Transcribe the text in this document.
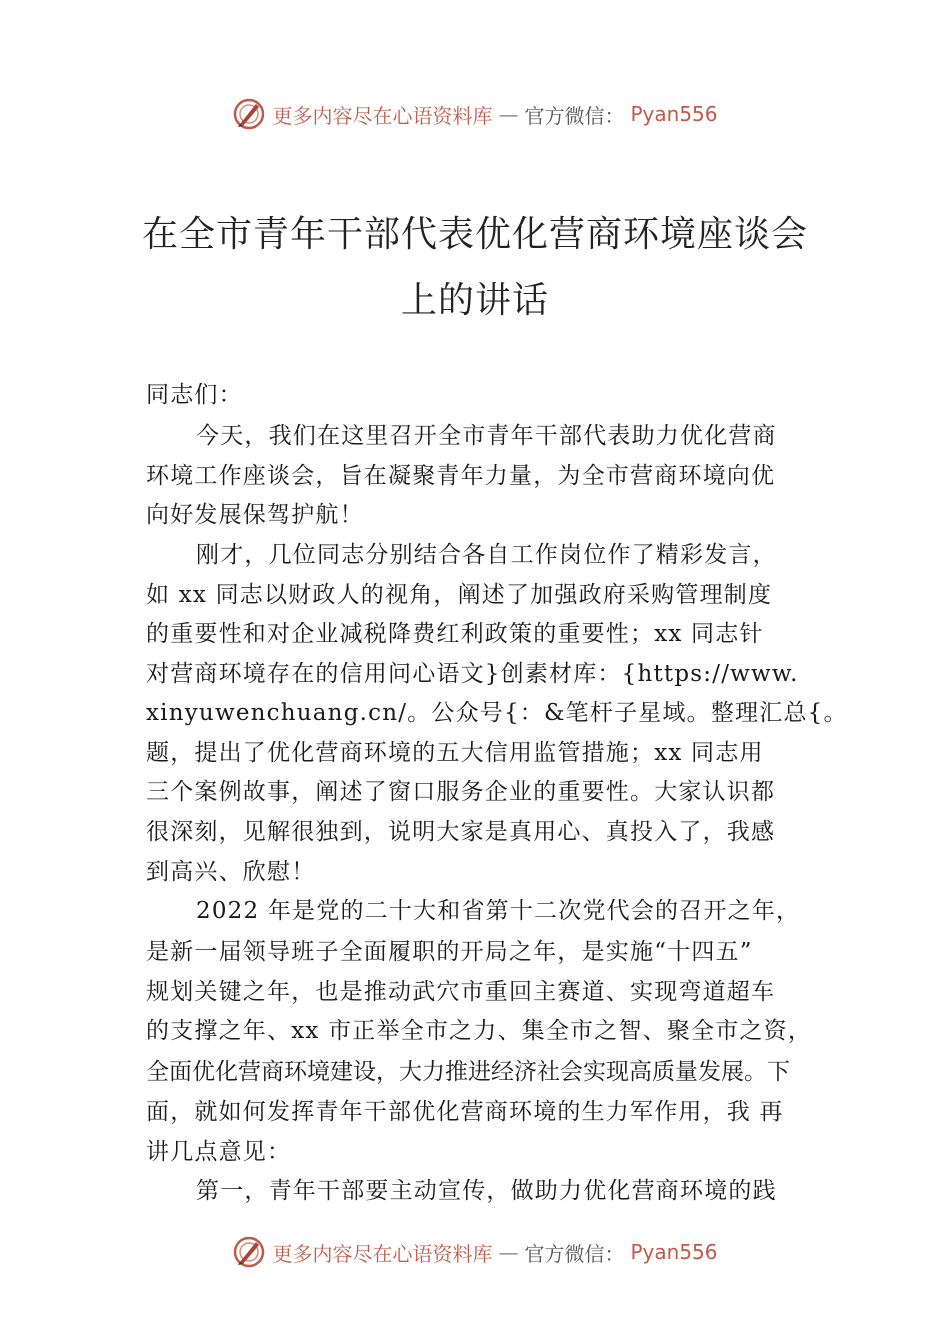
更多内容尽在心语资料库 — 官方微信： Pyan556
在全市青年干部代表优化营商环境座谈会
上的讲话
同志们：
今天，我们在这里召开全市青年干部代表助力优化营商
环境工作座谈会，旨在凝聚青年力量，为全市营商环境向优
向好发展保驾护航！
刚才，几位同志分别结合各自工作岗位作了精彩发言，
如 xx 同志以财政人的视角，阐述了加强政府采购管理制度
的重要性和对企业减税降费红利政策的重要性；xx 同志针
对营商环境存在的信用问心语文}创素材库：{https://www.
xinyuwenchuang.cn/。公众号{：&笔杆子星域。整理汇总{。
题，提出了优化营商环境的五大信用监管措施；xx 同志用
三个案例故事，阐述了窗口服务企业的重要性。大家认识都
很深刻，见解很独到，说明大家是真用心、真投入了，我感
到高兴、欣慰！
2022 年是党的二十大和省第十二次党代会的召开之年，
是新一届领导班子全面履职的开局之年，是实施“十四五”
规划关键之年，也是推动武穴市重回主赛道、实现弯道超车
的支撑之年、xx 市正举全市之力、集全市之智、聚全市之资，
全面优化营商环境建设，大力推进经济社会实现高质量发展。下
面，就如何发挥青年干部优化营商环境的生力军作用，我 再
讲几点意见：
第一，青年干部要主动宣传，做助力优化营商环境的践
更多内容尽在心语资料库 — 官方微信： Pyan556
